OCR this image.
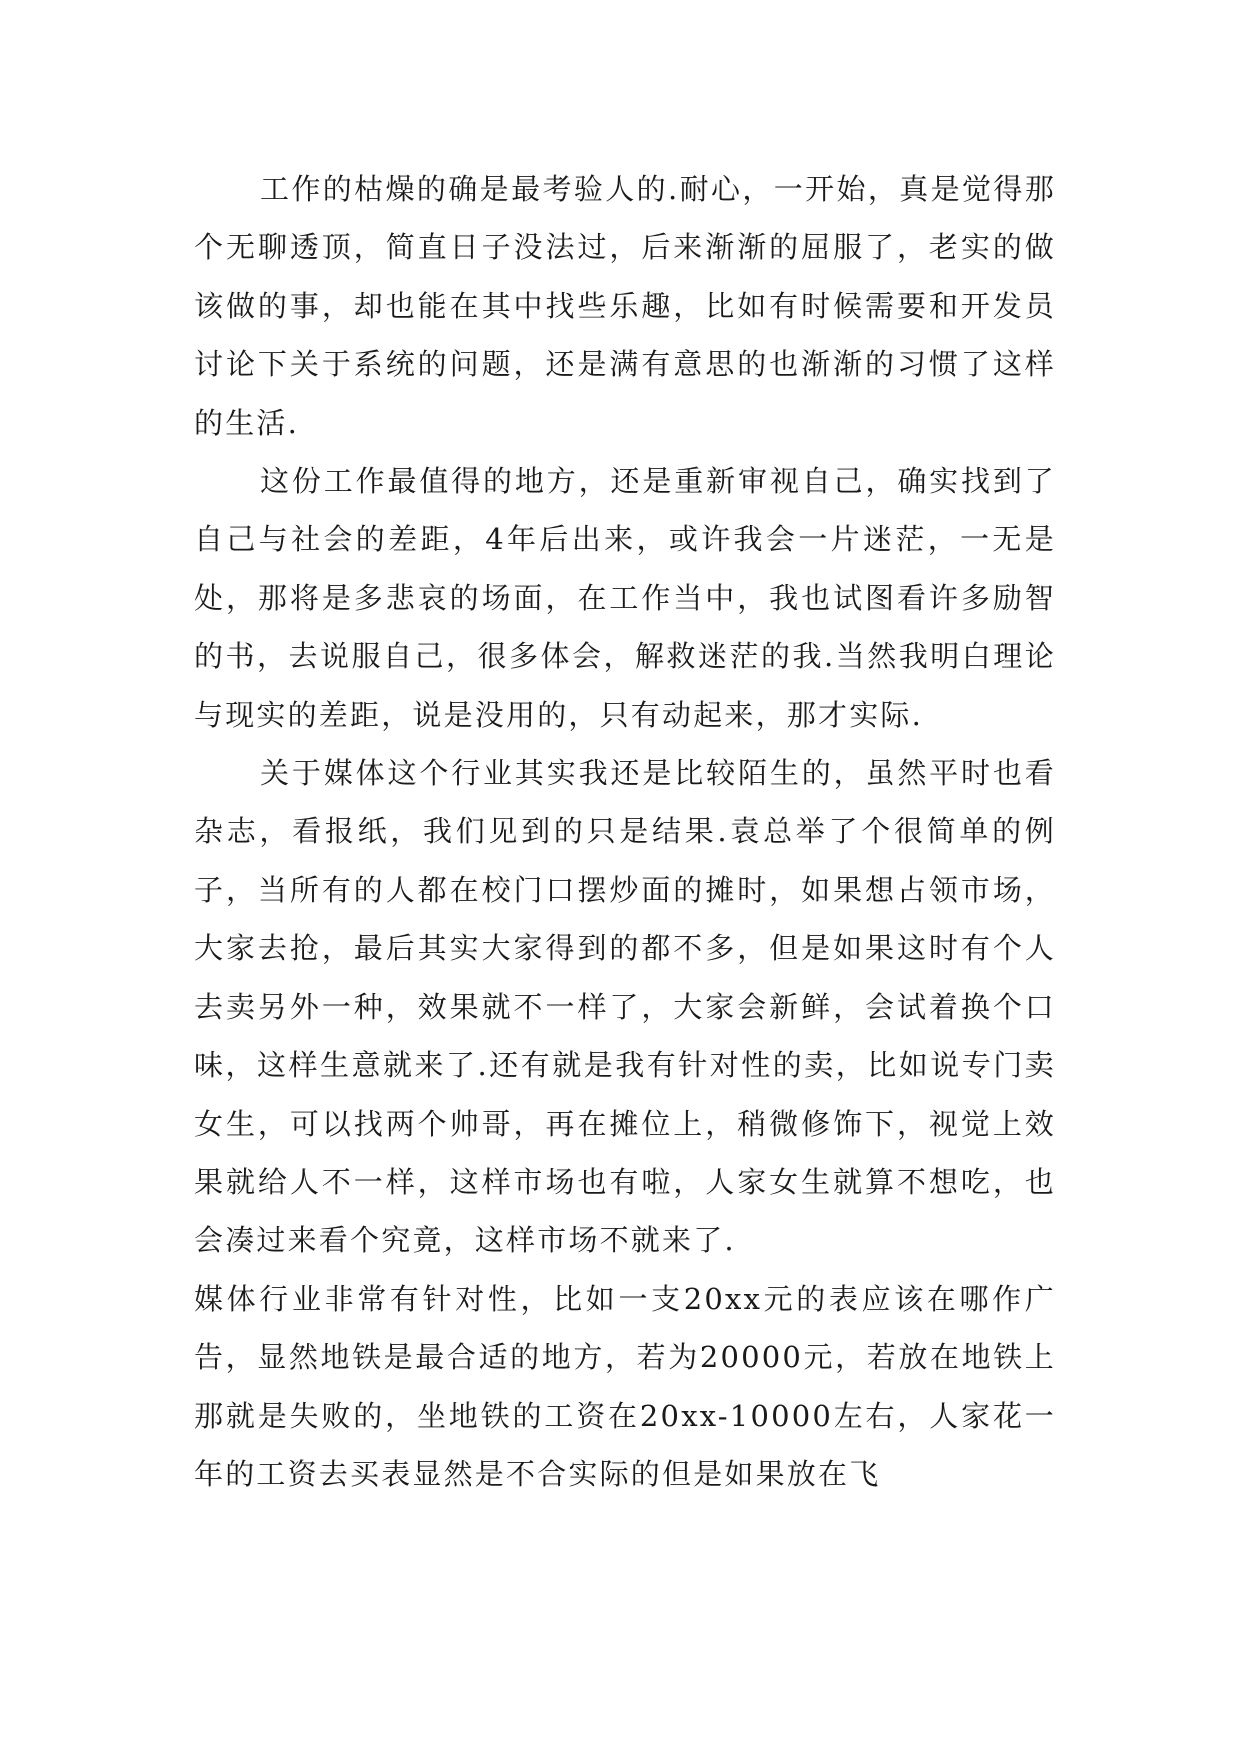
工作的枯燥的确是最考验人的.耐心，一开始，真是觉得那个无聊透顶，简直日子没法过，后来渐渐的屈服了，老实的做该做的事，却也能在其中找些乐趣，比如有时候需要和开发员讨论下关于系统的问题，还是满有意思的也渐渐的习惯了这样的生活.

这份工作最值得的地方，还是重新审视自己，确实找到了自己与社会的差距，4年后出来，或许我会一片迷茫，一无是处，那将是多悲哀的场面，在工作当中，我也试图看许多励智的书，去说服自己，很多体会，解救迷茫的我.当然我明白理论与现实的差距，说是没用的，只有动起来，那才实际.

关于媒体这个行业其实我还是比较陌生的，虽然平时也看杂志，看报纸，我们见到的只是结果.袁总举了个很简单的例子，当所有的人都在校门口摆炒面的摊时，如果想占领市场，大家去抢，最后其实大家得到的都不多，但是如果这时有个人去卖另外一种，效果就不一样了，大家会新鲜，会试着换个口味，这样生意就来了.还有就是我有针对性的卖，比如说专门卖女生，可以找两个帅哥，再在摊位上，稍微修饰下，视觉上效果就给人不一样，这样市场也有啦，人家女生就算不想吃，也会凑过来看个究竟，这样市场不就来了.

媒体行业非常有针对性，比如一支20xx元的表应该在哪作广告，显然地铁是最合适的地方，若为20000元，若放在地铁上那就是失败的，坐地铁的工资在20xx-10000左右，人家花一年的工资去买表显然是不合实际的但是如果放在飞
